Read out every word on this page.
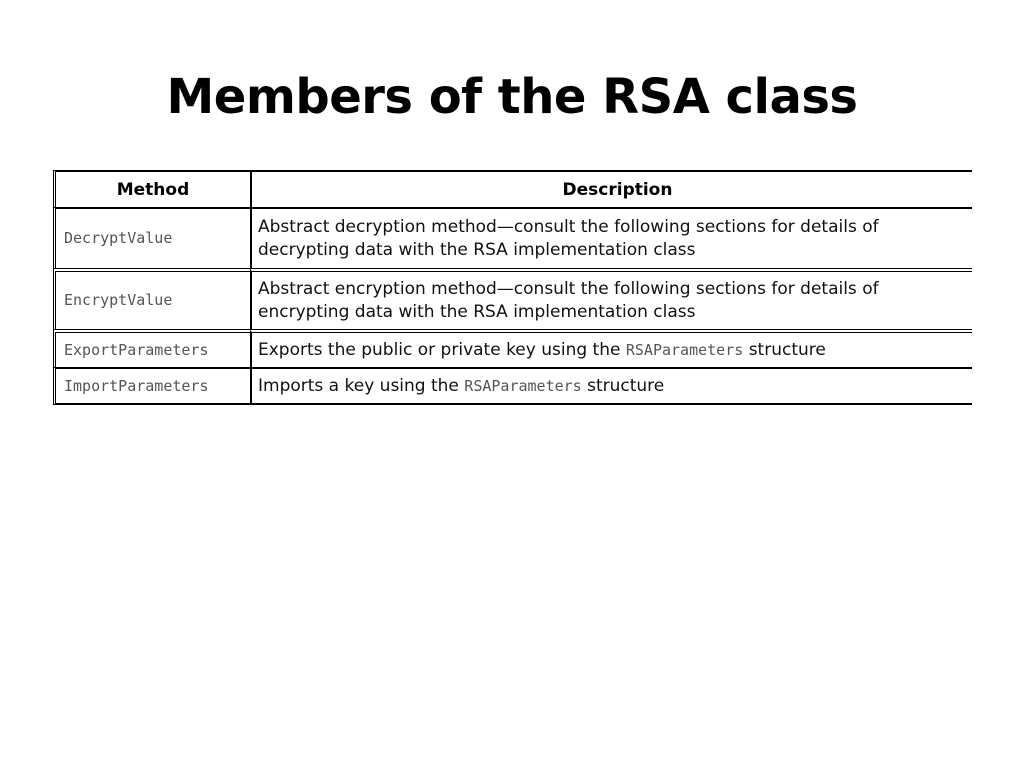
Members of the RSA class
Method	Description
DecryptValue	Abstract decryption method—consult the following sections for details of
decrypting data with the RSA implementation class
EncryptValue	Abstract encryption method—consult the following sections for details of
encrypting data with the RSA implementation class
ExportParameters	Exports the public or private key using the RSAParameters structure
ImportParameters	Imports a key using the RSAParameters structure
